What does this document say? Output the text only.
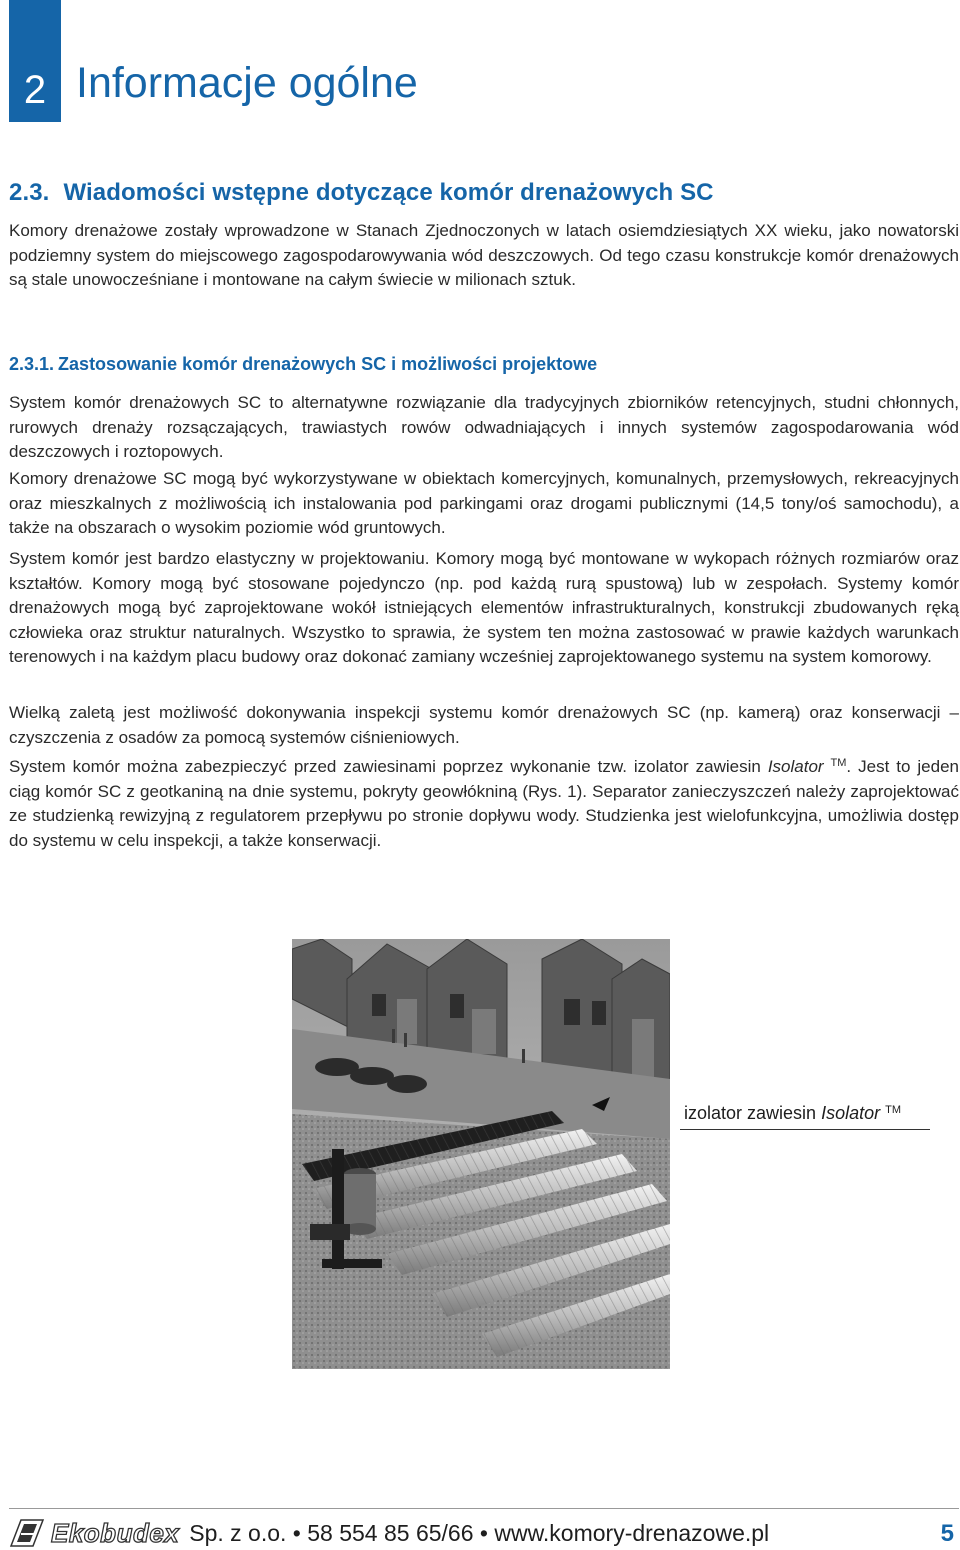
2 Informacje ogólne
2.3. Wiadomości wstępne dotyczące komór drenażowych SC

Komory drenażowe zostały wprowadzone w Stanach Zjednoczonych w latach osiemdziesiątych XX wieku, jako nowatorski podziemny system do miejscowego zagospodarowywania wód deszczowych. Od tego czasu konstrukcje komór drenażowych są stale unowocześniane i montowane na całym świecie w milionach sztuk.

2.3.1. Zastosowanie komór drenażowych SC i możliwości projektowe

System komór drenażowych SC to alternatywne rozwiązanie dla tradycyjnych zbiorników retencyjnych, studni chłonnych, rurowych drenaży rozsączających, trawiastych rowów odwadniających i innych systemów zagospodarowania wód deszczowych i roztopowych.

Komory drenażowe SC mogą być wykorzystywane w obiektach komercyjnych, komunalnych, przemysłowych, rekreacyjnych oraz mieszkalnych z możliwością ich instalowania pod parkingami oraz drogami publicznymi (14,5 tony/oś samochodu), a także na obszarach o wysokim poziomie wód gruntowych.

System komór jest bardzo elastyczny w projektowaniu. Komory mogą być montowane w wykopach różnych rozmiarów oraz kształtów. Komory mogą być stosowane pojedynczo (np. pod każdą rurą spustową) lub w zespołach. Systemy komór drenażowych mogą być zaprojektowane wokół istniejących elementów infrastrukturalnych, konstrukcji zbudowanych ręką człowieka oraz struktur naturalnych. Wszystko to sprawia, że system ten można zastosować w prawie każdych warunkach terenowych i na każdym placu budowy oraz dokonać zamiany wcześniej zaprojektowanego systemu na system komorowy.

Wielką zaletą jest możliwość dokonywania inspekcji systemu komór drenażowych SC (np. kamerą) oraz konserwacji – czyszczenia z osadów za pomocą systemów ciśnieniowych.

System komór można zabezpieczyć przed zawiesinami poprzez wykonanie tzw. izolator zawiesin Isolator ™. Jest to jeden ciąg komór SC z geotkaniną na dnie systemu, pokryty geowłókniną (Rys. 1). Separator zanieczyszczeń należy zaprojektować ze studzienką rewizyjną z regulatorem przepływu po stronie dopływu wody. Studzienka jest wielofunkcyjna, umożliwia dostęp do systemu w celu inspekcji, a także konserwacji.

izolator zawiesin Isolator ™
Ekobudex Sp. z o.o. • 58 554 85 65/66 • www.komory-drenazowe.pl	5
